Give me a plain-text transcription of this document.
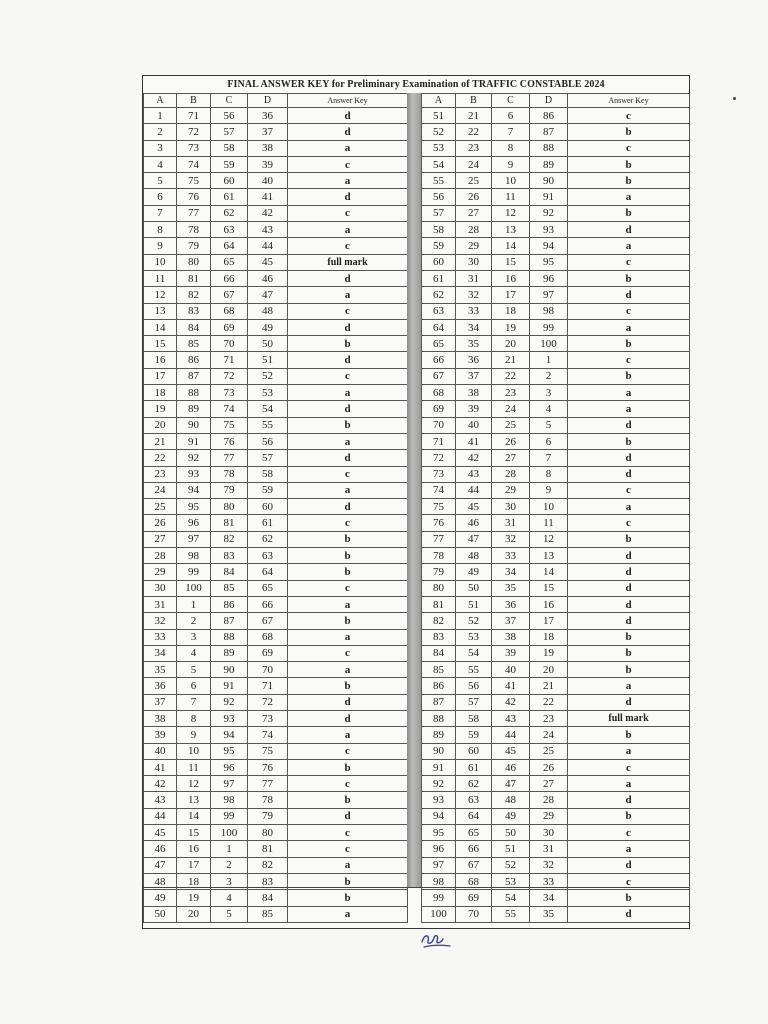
FINAL ANSWER KEY for Preliminary Examination of TRAFFIC CONSTABLE 2024
A	B	C	D	Answer Key
1	71	56	36	d
2	72	57	37	d
3	73	58	38	a
4	74	59	39	c
5	75	60	40	a
6	76	61	41	d
7	77	62	42	c
8	78	63	43	a
9	79	64	44	c
10	80	65	45	full mark
11	81	66	46	d
12	82	67	47	a
13	83	68	48	c
14	84	69	49	d
15	85	70	50	b
16	86	71	51	d
17	87	72	52	c
18	88	73	53	a
19	89	74	54	d
20	90	75	55	b
21	91	76	56	a
22	92	77	57	d
23	93	78	58	c
24	94	79	59	a
25	95	80	60	d
26	96	81	61	c
27	97	82	62	b
28	98	83	63	b
29	99	84	64	b
30	100	85	65	c
31	1	86	66	a
32	2	87	67	b
33	3	88	68	a
34	4	89	69	c
35	5	90	70	a
36	6	91	71	b
37	7	92	72	d
38	8	93	73	d
39	9	94	74	a
40	10	95	75	c
41	11	96	76	b
42	12	97	77	c
43	13	98	78	b
44	14	99	79	d
45	15	100	80	c
46	16	1	81	c
47	17	2	82	a
48	18	3	83	b
49	19	4	84	b
50	20	5	85	a
A	B	C	D	Answer Key
51	21	6	86	c
52	22	7	87	b
53	23	8	88	c
54	24	9	89	b
55	25	10	90	b
56	26	11	91	a
57	27	12	92	b
58	28	13	93	d
59	29	14	94	a
60	30	15	95	c
61	31	16	96	b
62	32	17	97	d
63	33	18	98	c
64	34	19	99	a
65	35	20	100	b
66	36	21	1	c
67	37	22	2	b
68	38	23	3	a
69	39	24	4	a
70	40	25	5	d
71	41	26	6	b
72	42	27	7	d
73	43	28	8	d
74	44	29	9	c
75	45	30	10	a
76	46	31	11	c
77	47	32	12	b
78	48	33	13	d
79	49	34	14	d
80	50	35	15	d
81	51	36	16	d
82	52	37	17	d
83	53	38	18	b
84	54	39	19	b
85	55	40	20	b
86	56	41	21	a
87	57	42	22	d
88	58	43	23	full mark
89	59	44	24	b
90	60	45	25	a
91	61	46	26	c
92	62	47	27	a
93	63	48	28	d
94	64	49	29	b
95	65	50	30	c
96	66	51	31	a
97	67	52	32	d
98	68	53	33	c
99	69	54	34	b
100	70	55	35	d
